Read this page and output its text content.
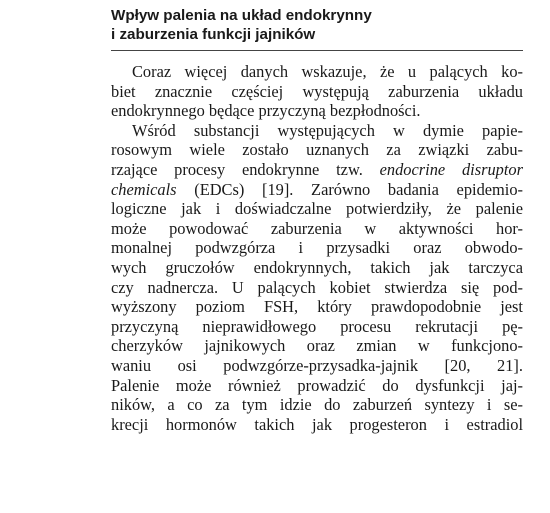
Wpływ palenia na układ endokrynny
i zaburzenia funkcji jajników

Coraz więcej danych wskazuje, że u palących ko-
biet znacznie częściej występują zaburzenia układu
endokrynnego będące przyczyną bezpłodności.

Wśród substancji występujących w dymie papie-
rosowym wiele zostało uznanych za związki zabu-
rzające procesy endokrynne tzw. endocrine disruptor
chemicals (EDCs) [19]. Zarówno badania epidemio-
logiczne jak i doświadczalne potwierdziły, że palenie
może powodować zaburzenia w aktywności hor-
monalnej podwzgórza i przysadki oraz obwodo-
wych gruczołów endokrynnych, takich jak tarczyca
czy nadnercza. U palących kobiet stwierdza się pod-
wyższony poziom FSH, który prawdopodobnie jest
przyczyną nieprawidłowego procesu rekrutacji pę-
cherzyków jajnikowych oraz zmian w funkcjono-
waniu osi podwzgórze-przysadka-jajnik [20, 21].
Palenie może również prowadzić do dysfunkcji jaj-
ników, a co za tym idzie do zaburzeń syntezy i se-
krecji hormonów takich jak progesteron i estradiol
